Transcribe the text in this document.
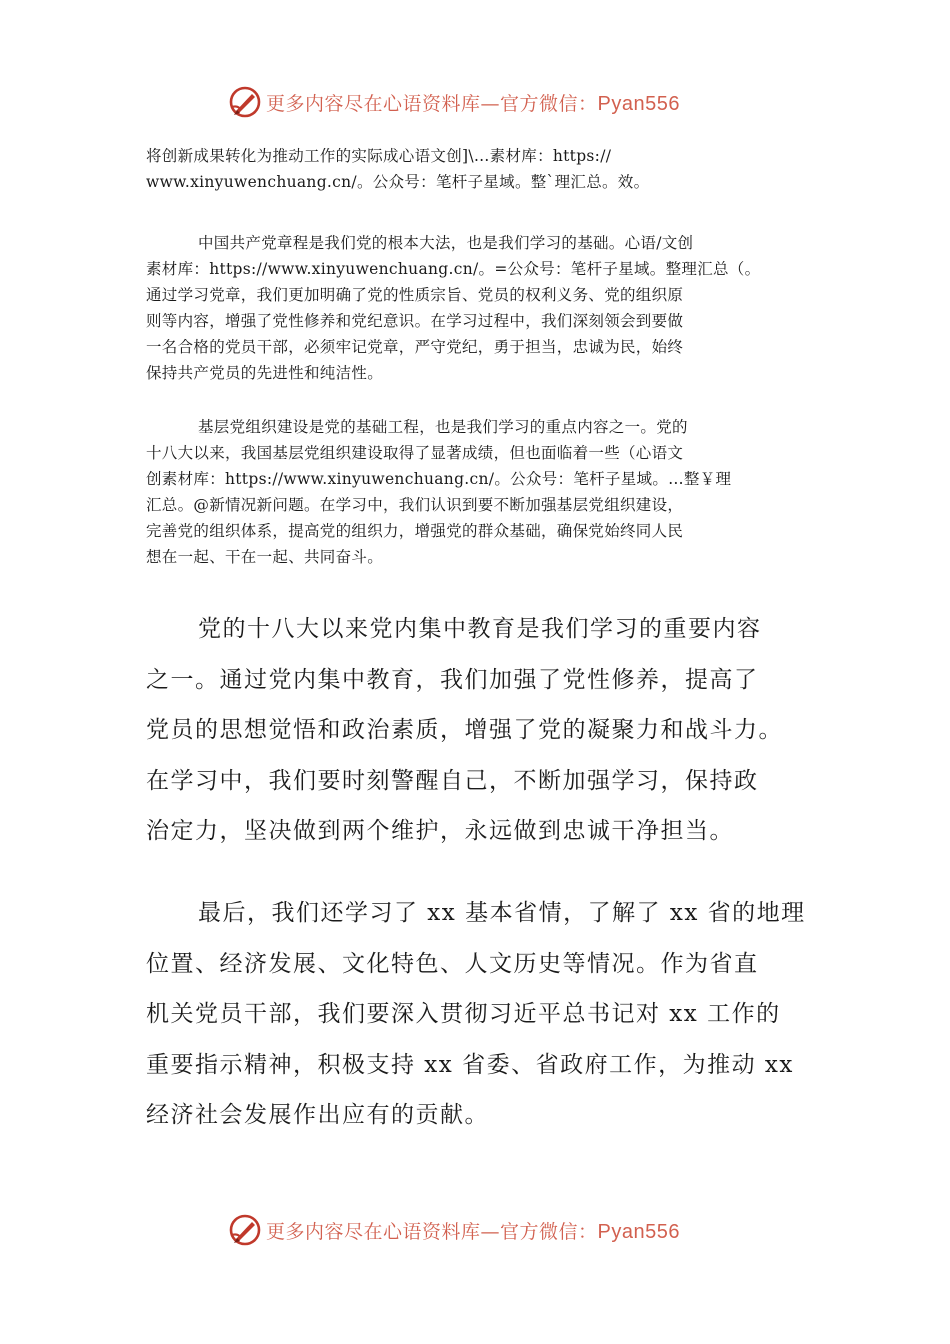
更多内容尽在心语资料库—官方微信：Pyan556
将创新成果转化为推动工作的实际成心语文创]\…素材库：https://
www.xinyuwenchuang.cn/。公众号：笔杆子星域。整`理汇总。效。
中国共产党章程是我们党的根本大法，也是我们学习的基础。心语/文创
素材库：https://www.xinyuwenchuang.cn/。=公众号：笔杆子星域。整理汇总（。
通过学习党章，我们更加明确了党的性质宗旨、党员的权利义务、党的组织原
则等内容，增强了党性修养和党纪意识。在学习过程中，我们深刻领会到要做
一名合格的党员干部，必须牢记党章，严守党纪，勇于担当，忠诚为民，始终
保持共产党员的先进性和纯洁性。
基层党组织建设是党的基础工程，也是我们学习的重点内容之一。党的
十八大以来，我国基层党组织建设取得了显著成绩，但也面临着一些（心语文
创素材库：https://www.xinyuwenchuang.cn/。公众号：笔杆子星域。…整￥理
汇总。@新情况新问题。在学习中，我们认识到要不断加强基层党组织建设，
完善党的组织体系，提高党的组织力，增强党的群众基础，确保党始终同人民
想在一起、干在一起、共同奋斗。
党的十八大以来党内集中教育是我们学习的重要内容
之一。通过党内集中教育，我们加强了党性修养，提高了
党员的思想觉悟和政治素质，增强了党的凝聚力和战斗力。
在学习中，我们要时刻警醒自己，不断加强学习，保持政
治定力，坚决做到两个维护，永远做到忠诚干净担当。
最后，我们还学习了 xx 基本省情，了解了 xx 省的地理
位置、经济发展、文化特色、人文历史等情况。作为省直
机关党员干部，我们要深入贯彻习近平总书记对 xx 工作的
重要指示精神，积极支持 xx 省委、省政府工作，为推动 xx
经济社会发展作出应有的贡献。
更多内容尽在心语资料库—官方微信：Pyan556
